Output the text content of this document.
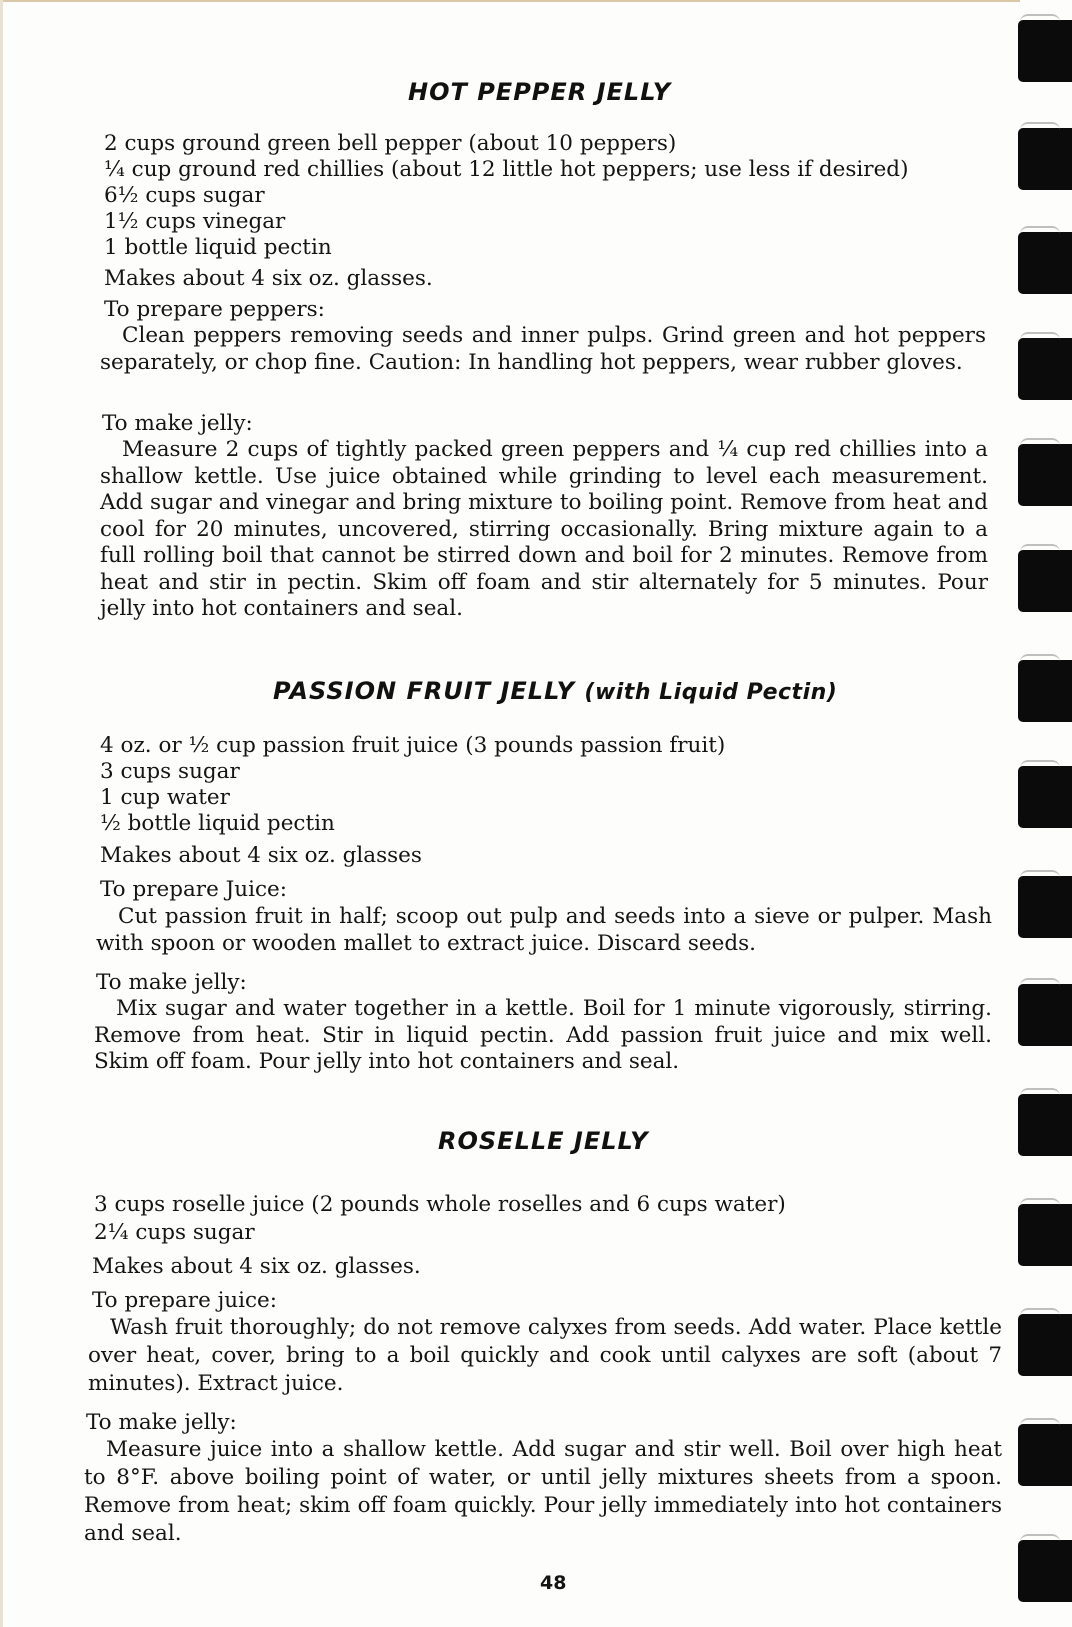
HOT PEPPER JELLY

2 cups ground green bell pepper (about 10 peppers)

¼ cup ground red chillies (about 12 little hot peppers; use less if desired)

6½ cups sugar

1½ cups vinegar

1 bottle liquid pectin

Makes about 4 six oz. glasses.

To prepare peppers:

Clean peppers removing seeds and inner pulps. Grind green and hot peppers separately, or chop fine. Caution: In handling hot peppers, wear rubber gloves.

To make jelly:

Measure 2 cups of tightly packed green peppers and ¼ cup red chillies into a shallow kettle. Use juice obtained while grinding to level each measurement. Add sugar and vinegar and bring mixture to boiling point. Remove from heat and cool for 20 minutes, uncovered, stirring occasionally. Bring mixture again to a full rolling boil that cannot be stirred down and boil for 2 minutes. Remove from heat and stir in pectin. Skim off foam and stir alternately for 5 minutes. Pour jelly into hot containers and seal.

PASSION FRUIT JELLY (with Liquid Pectin)

4 oz. or ½ cup passion fruit juice (3 pounds passion fruit)

3 cups sugar

1 cup water

½ bottle liquid pectin

Makes about 4 six oz. glasses

To prepare Juice:

Cut passion fruit in half; scoop out pulp and seeds into a sieve or pulper. Mash with spoon or wooden mallet to extract juice. Discard seeds.

To make jelly:

Mix sugar and water together in a kettle. Boil for 1 minute vigorously, stirring. Remove from heat. Stir in liquid pectin. Add passion fruit juice and mix well. Skim off foam. Pour jelly into hot containers and seal.

ROSELLE JELLY

3 cups roselle juice (2 pounds whole roselles and 6 cups water)

2¼ cups sugar

Makes about 4 six oz. glasses.

To prepare juice:

Wash fruit thoroughly; do not remove calyxes from seeds. Add water. Place kettle over heat, cover, bring to a boil quickly and cook until calyxes are soft (about 7 minutes). Extract juice.

To make jelly:

Measure juice into a shallow kettle. Add sugar and stir well. Boil over high heat to 8°F. above boiling point of water, or until jelly mixtures sheets from a spoon. Remove from heat; skim off foam quickly. Pour jelly immediately into hot containers and seal.

48
